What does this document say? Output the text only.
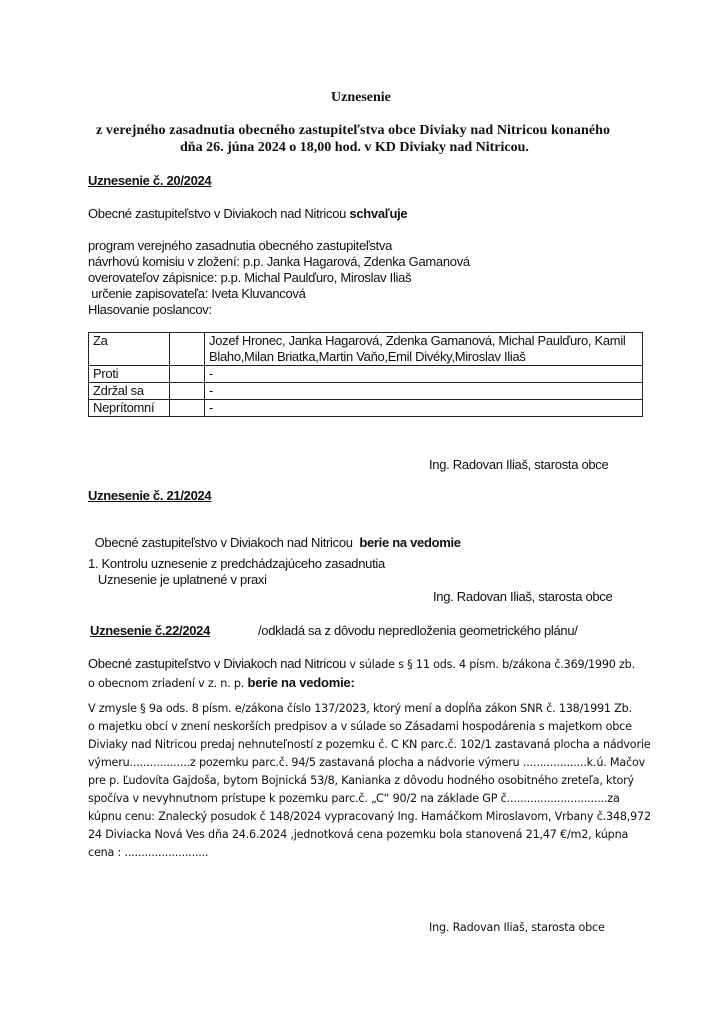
Uznesenie
z verejného zasadnutia obecného zastupiteľstva obce Diviaky nad Nitricou konaného
dňa 26. júna 2024 o 18,00 hod. v KD Diviaky nad Nitricou.
Uznesenie č. 20/2024
Obecné zastupiteľstvo v Diviakoch nad Nitricou schvaľuje
program verejného zasadnutia obecného zastupiteľstva
návrhovú komisiu v zložení: p.p. Janka Hagarová, Zdenka Gamanová
overovateľov zápisnice: p.p. Michal Paulďuro, Miroslav Iliaš
určenie zapisovateľa: Iveta Kluvancová
Hlasovanie poslancov:
Za		Jozef Hronec, Janka Hagarová, Zdenka Gamanová, Michal Paulďuro, Kamil
Blaho,Milan Briatka,Martin Vaňo,Emil Divéky,Miroslav Iliaš

Proti		-
Zdržal sa		-
Neprítomní		-
Ing. Radovan Iliaš, starosta obce
Uznesenie č. 21/2024

Obecné zastupiteľstvo v Diviakoch nad Nitricou  berie na vedomie

1. Kontrolu uznesenie z predchádzajúceho zasadnutia
Uznesenie je uplatnené v praxi
Ing. Radovan Iliaš, starosta obce
Uznesenie č.22/2024	/odkladá sa z dôvodu nepredloženia geometrického plánu/
Obecné zastupiteľstvo v Diviakoch nad Nitricou v súlade s § 11 ods. 4 písm. b/zákona č.369/1990 zb.
o obecnom zriadení v z. n. p. berie na vedomie:
V zmysle § 9a ods. 8 písm. e/zákona číslo 137/2023, ktorý mení a dopĺňa zákon SNR č. 138/1991 Zb.
o majetku obcí v znení neskorších predpisov a v súlade so Zásadami hospodárenia s majetkom obce
Diviaky nad Nitricou predaj nehnuteľností z pozemku č. C KN parc.č. 102/1 zastavaná plocha a nádvorie
výmeru..................z pozemku parc.č. 94/5 zastavaná plocha a nádvorie výmeru ...................k.ú. Mačov
pre p. Ľudovíta Gajdoša, bytom Bojnická 53/8, Kanianka z dôvodu hodného osobitného zreteľa, ktorý
spočíva v nevyhnutnom prístupe k pozemku parc.č. „C“ 90/2 na základe GP č..............................za
kúpnu cenu: Znalecký posudok č 148/2024 vypracovaný Ing. Hamáčkom Miroslavom, Vrbany č.348,972
24 Diviacka Nová Ves dňa 24.6.2024 ,jednotková cena pozemku bola stanovená 21,47 €/m2, kúpna
cena : .........................
Ing. Radovan Iliaš, starosta obce
